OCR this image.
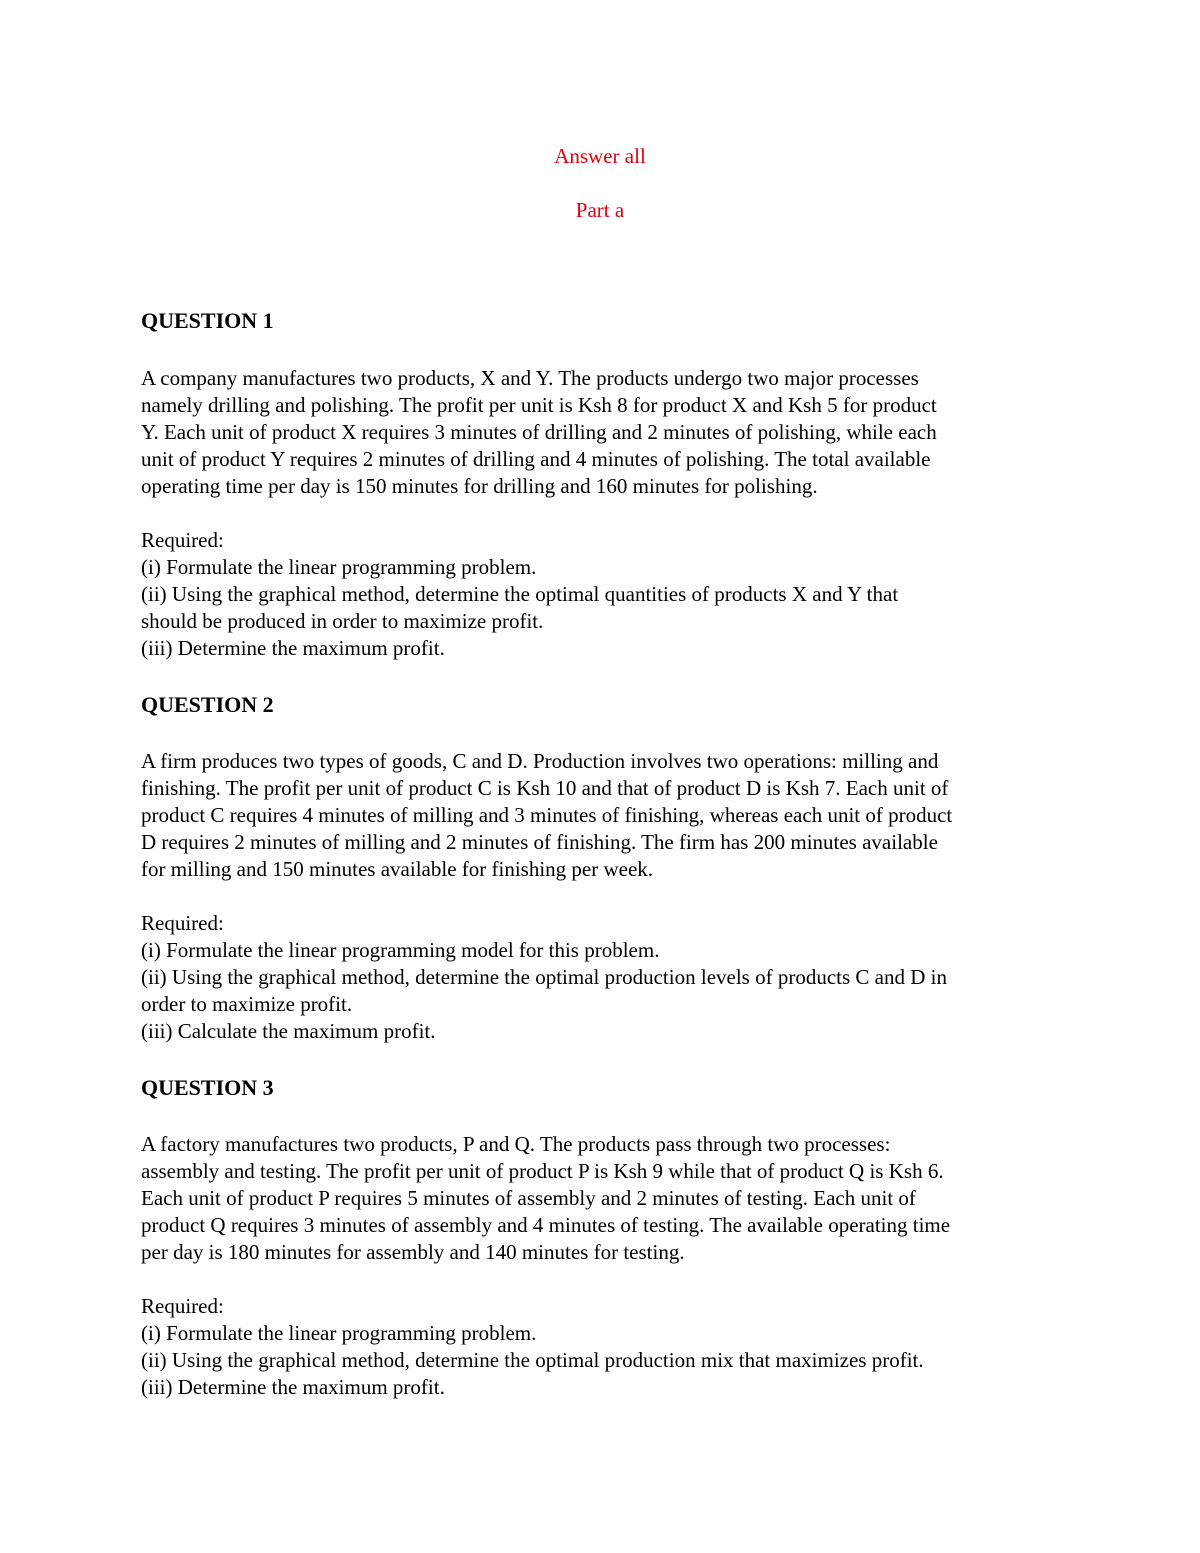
Answer all
Part a
QUESTION 1
A company manufactures two products, X and Y. The products undergo two major processes
namely drilling and polishing. The profit per unit is Ksh 8 for product X and Ksh 5 for product
Y. Each unit of product X requires 3 minutes of drilling and 2 minutes of polishing, while each
unit of product Y requires 2 minutes of drilling and 4 minutes of polishing. The total available
operating time per day is 150 minutes for drilling and 160 minutes for polishing.
Required:
(i) Formulate the linear programming problem.
(ii) Using the graphical method, determine the optimal quantities of products X and Y that
should be produced in order to maximize profit.
(iii) Determine the maximum profit.
QUESTION 2
A firm produces two types of goods, C and D. Production involves two operations: milling and
finishing. The profit per unit of product C is Ksh 10 and that of product D is Ksh 7. Each unit of
product C requires 4 minutes of milling and 3 minutes of finishing, whereas each unit of product
D requires 2 minutes of milling and 2 minutes of finishing. The firm has 200 minutes available
for milling and 150 minutes available for finishing per week.
Required:
(i) Formulate the linear programming model for this problem.
(ii) Using the graphical method, determine the optimal production levels of products C and D in
order to maximize profit.
(iii) Calculate the maximum profit.
QUESTION 3
A factory manufactures two products, P and Q. The products pass through two processes:
assembly and testing. The profit per unit of product P is Ksh 9 while that of product Q is Ksh 6.
Each unit of product P requires 5 minutes of assembly and 2 minutes of testing. Each unit of
product Q requires 3 minutes of assembly and 4 minutes of testing. The available operating time
per day is 180 minutes for assembly and 140 minutes for testing.
Required:
(i) Formulate the linear programming problem.
(ii) Using the graphical method, determine the optimal production mix that maximizes profit.
(iii) Determine the maximum profit.
